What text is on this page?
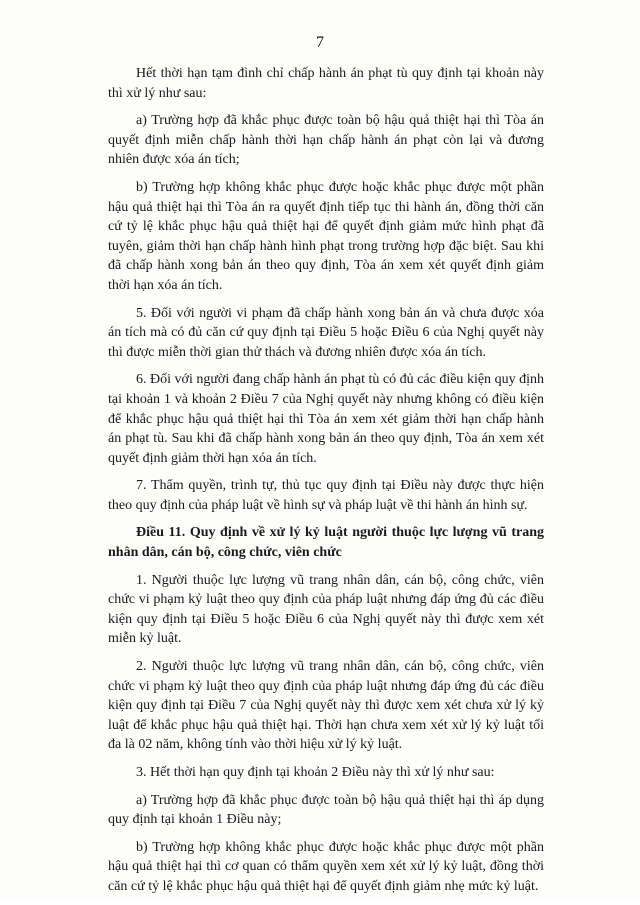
7

Hết thời hạn tạm đình chỉ chấp hành án phạt tù quy định tại khoản này thì xử lý như sau:

a) Trường hợp đã khắc phục được toàn bộ hậu quả thiệt hại thì Tòa án quyết định miễn chấp hành thời hạn chấp hành án phạt còn lại và đương nhiên được xóa án tích;

b) Trường hợp không khắc phục được hoặc khắc phục được một phần hậu quả thiệt hại thì Tòa án ra quyết định tiếp tục thi hành án, đồng thời căn cứ tỷ lệ khắc phục hậu quả thiệt hại để quyết định giảm mức hình phạt đã tuyên, giảm thời hạn chấp hành hình phạt trong trường hợp đặc biệt. Sau khi đã chấp hành xong bản án theo quy định, Tòa án xem xét quyết định giảm thời hạn xóa án tích.

5. Đối với người vi phạm đã chấp hành xong bản án và chưa được xóa án tích mà có đủ căn cứ quy định tại Điều 5 hoặc Điều 6 của Nghị quyết này thì được miễn thời gian thử thách và đương nhiên được xóa án tích.

6. Đối với người đang chấp hành án phạt tù có đủ các điều kiện quy định tại khoản 1 và khoản 2 Điều 7 của Nghị quyết này nhưng không có điều kiện để khắc phục hậu quả thiệt hại thì Tòa án xem xét giảm thời hạn chấp hành án phạt tù. Sau khi đã chấp hành xong bản án theo quy định, Tòa án xem xét quyết định giảm thời hạn xóa án tích.

7. Thẩm quyền, trình tự, thủ tục quy định tại Điều này được thực hiện theo quy định của pháp luật về hình sự và pháp luật về thi hành án hình sự.

Điều 11. Quy định về xử lý kỷ luật người thuộc lực lượng vũ trang nhân dân, cán bộ, công chức, viên chức

1. Người thuộc lực lượng vũ trang nhân dân, cán bộ, công chức, viên chức vi phạm kỷ luật theo quy định của pháp luật nhưng đáp ứng đủ các điều kiện quy định tại Điều 5 hoặc Điều 6 của Nghị quyết này thì được xem xét miễn kỷ luật.

2. Người thuộc lực lượng vũ trang nhân dân, cán bộ, công chức, viên chức vi phạm kỷ luật theo quy định của pháp luật nhưng đáp ứng đủ các điều kiện quy định tại Điều 7 của Nghị quyết này thì được xem xét chưa xử lý kỷ luật để khắc phục hậu quả thiệt hại. Thời hạn chưa xem xét xử lý kỷ luật tối đa là 02 năm, không tính vào thời hiệu xử lý kỷ luật.

3. Hết thời hạn quy định tại khoản 2 Điều này thì xử lý như sau:

a) Trường hợp đã khắc phục được toàn bộ hậu quả thiệt hại thì áp dụng quy định tại khoản 1 Điều này;

b) Trường hợp không khắc phục được hoặc khắc phục được một phần hậu quả thiệt hại thì cơ quan có thẩm quyền xem xét xử lý kỷ luật, đồng thời căn cứ tỷ lệ khắc phục hậu quả thiệt hại để quyết định giảm nhẹ mức kỷ luật.
